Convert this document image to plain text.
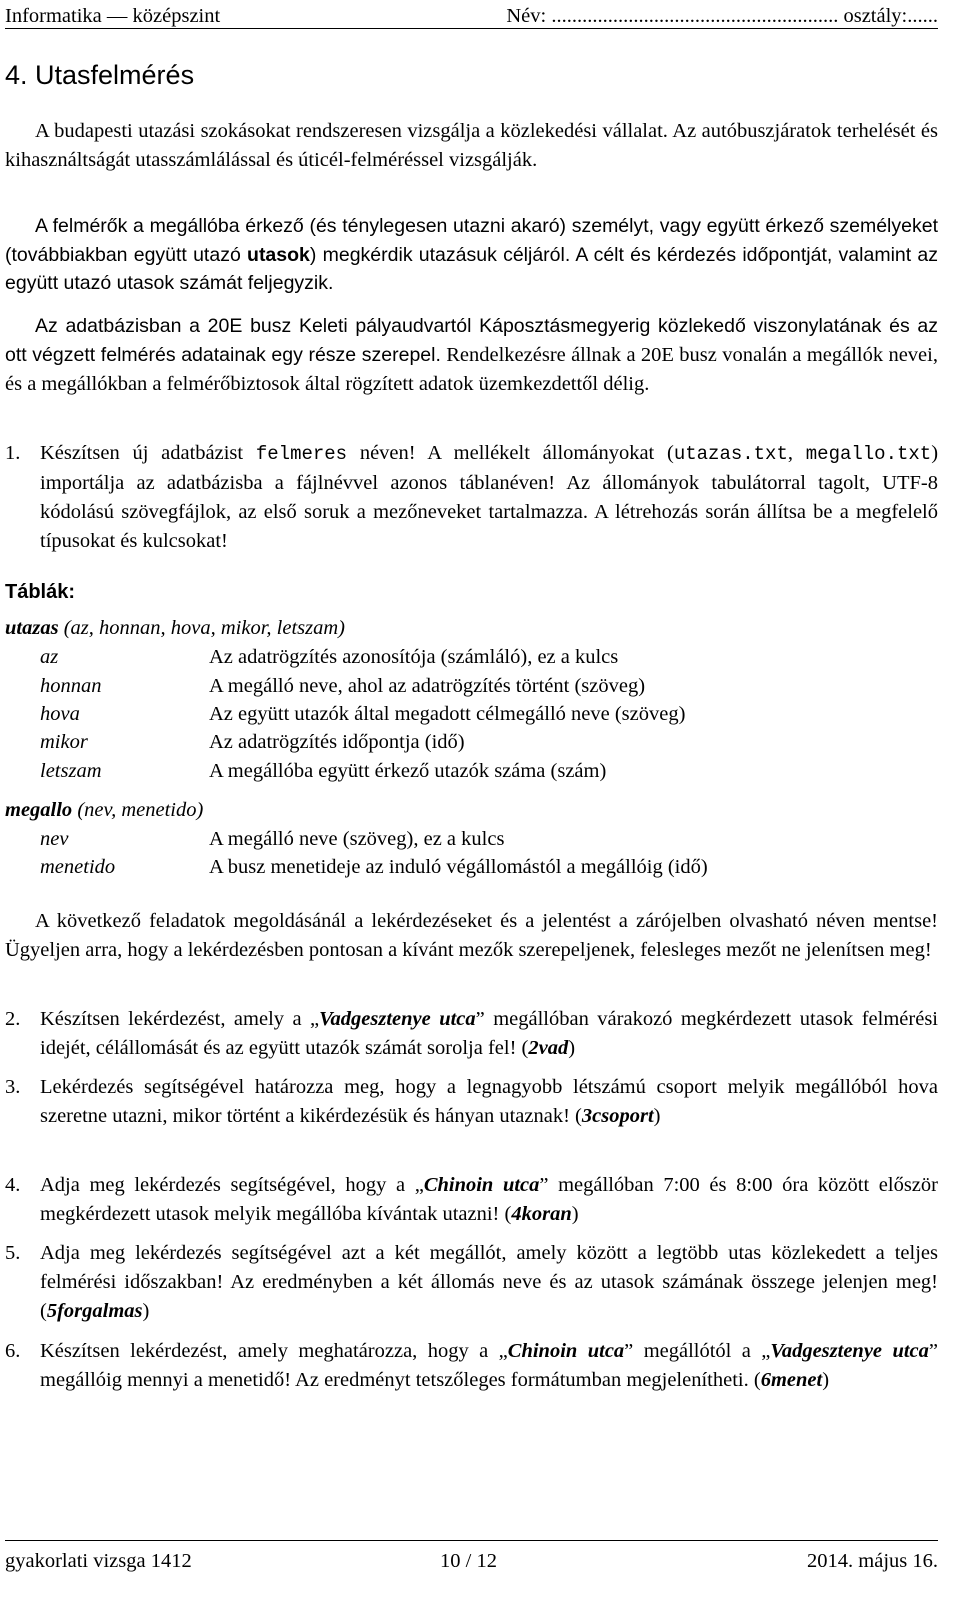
Informatika — középszint	Név: ........................................................ osztály:......
4. Utasfelmérés

A budapesti utazási szokásokat rendszeresen vizsgálja a közlekedési vállalat. Az autóbuszjáratok terhelését és kihasználtságát utasszámlálással és úticél-felméréssel vizsgálják.

A felmérők a megállóba érkező (és ténylegesen utazni akaró) személyt, vagy együtt érkező személyeket (továbbiakban együtt utazó utasok) megkérdik utazásuk céljáról. A célt és kérdezés időpontját, valamint az együtt utazó utasok számát feljegyzik.

Az adatbázisban a 20E busz Keleti pályaudvartól Káposztásmegyerig közlekedő viszonylatának és az ott végzett felmérés adatainak egy része szerepel. Rendelkezésre állnak a 20E busz vonalán a megállók nevei, és a megállókban a felmérőbiztosok által rögzített adatok üzemkezdettől délig.

1. Készítsen új adatbázist felmeres néven! A mellékelt állományokat (utazas.txt, megallo.txt) importálja az adatbázisba a fájlnévvel azonos táblanéven! Az állományok tabulátorral tagolt, UTF-8 kódolású szövegfájlok, az első soruk a mezőneveket tartalmazza. A létrehozás során állítsa be a megfelelő típusokat és kulcsokat!
Táblák:
utazas (az, honnan, hova, mikor, letszam)
az	Az adatrögzítés azonosítója (számláló), ez a kulcs
honnan	A megálló neve, ahol az adatrögzítés történt (szöveg)
hova	Az együtt utazók által megadott célmegálló neve (szöveg)
mikor	Az adatrögzítés időpontja (idő)
letszam	A megállóba együtt érkező utazók száma (szám)
megallo (nev, menetido)
nev	A megálló neve (szöveg), ez a kulcs
menetido	A busz menetideje az induló végállomástól a megállóig (idő)

A következő feladatok megoldásánál a lekérdezéseket és a jelentést a zárójelben olvasható néven mentse! Ügyeljen arra, hogy a lekérdezésben pontosan a kívánt mezők szerepeljenek, felesleges mezőt ne jelenítsen meg!

2. Készítsen lekérdezést, amely a „Vadgesztenye utca” megállóban várakozó megkérdezett utasok felmérési idejét, célállomását és az együtt utazók számát sorolja fel! (2vad)
3. Lekérdezés segítségével határozza meg, hogy a legnagyobb létszámú csoport melyik megállóból hova szeretne utazni, mikor történt a kikérdezésük és hányan utaznak! (3csoport)
4. Adja meg lekérdezés segítségével, hogy a „Chinoin utca” megállóban 7:00 és 8:00 óra között először megkérdezett utasok melyik megállóba kívántak utazni! (4koran)
5. Adja meg lekérdezés segítségével azt a két megállót, amely között a legtöbb utas közlekedett a teljes felmérési időszakban! Az eredményben a két állomás neve és az utasok számának összege jelenjen meg! (5forgalmas)
6. Készítsen lekérdezést, amely meghatározza, hogy a „Chinoin utca” megállótól a „Vadgesztenye utca” megállóig mennyi a menetidő! Az eredményt tetszőleges formátumban megjelenítheti. (6menet)
gyakorlati vizsga 1412	10 / 12	2014. május 16.
